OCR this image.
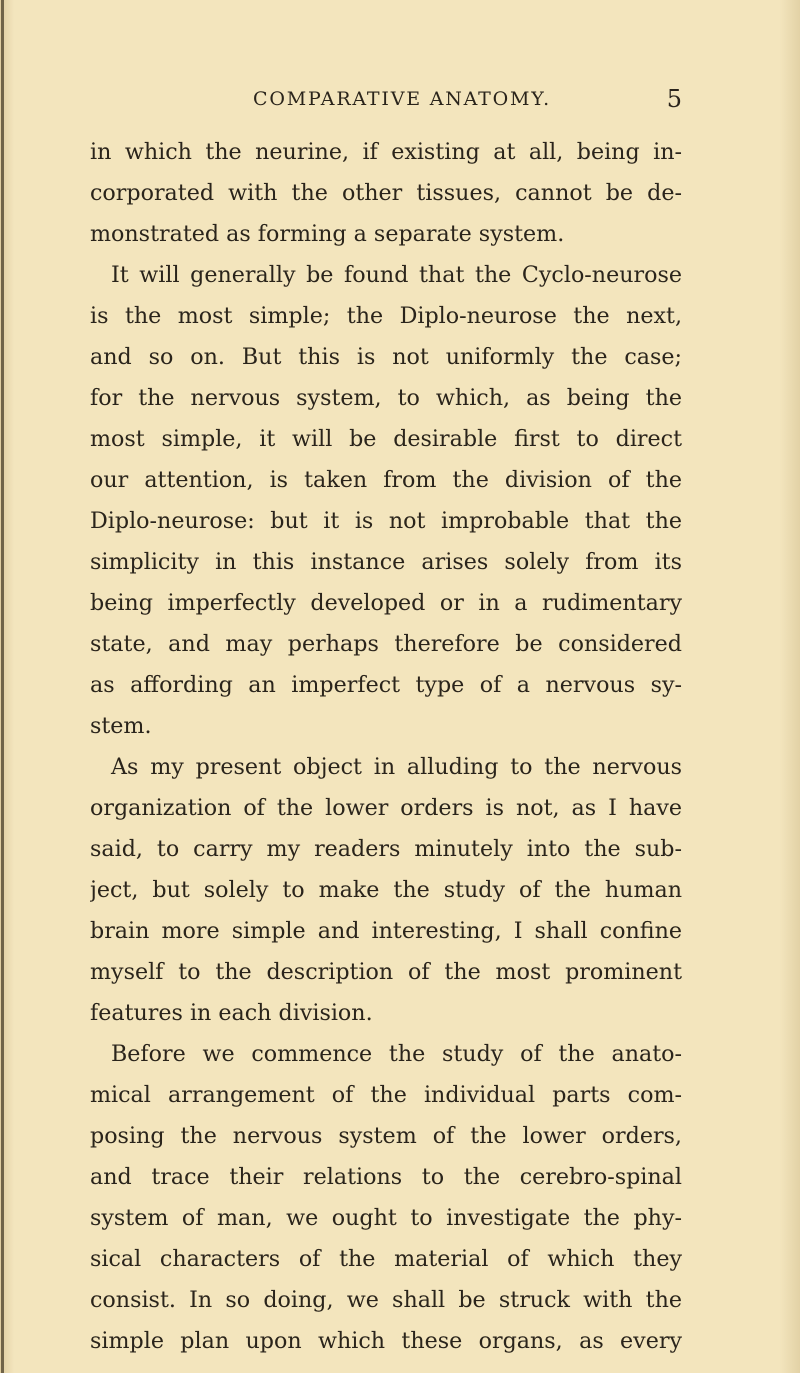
COMPARATIVE ANATOMY.	5
in which the neurine, if existing at all, being in-
corporated with the other tissues, cannot be de-
monstrated as forming a separate system.
It will generally be found that the Cyclo-neurose
is the most simple; the Diplo-neurose the next,
and so on. But this is not uniformly the case;
for the nervous system, to which, as being the
most simple, it will be desirable first to direct
our attention, is taken from the division of the
Diplo-neurose: but it is not improbable that the
simplicity in this instance arises solely from its
being imperfectly developed or in a rudimentary
state, and may perhaps therefore be considered
as affording an imperfect type of a nervous sy-
stem.
As my present object in alluding to the nervous
organization of the lower orders is not, as I have
said, to carry my readers minutely into the sub-
ject, but solely to make the study of the human
brain more simple and interesting, I shall confine
myself to the description of the most prominent
features in each division.
Before we commence the study of the anato-
mical arrangement of the individual parts com-
posing the nervous system of the lower orders,
and trace their relations to the cerebro-spinal
system of man, we ought to investigate the phy-
sical characters of the material of which they
consist. In so doing, we shall be struck with the
simple plan upon which these organs, as every
